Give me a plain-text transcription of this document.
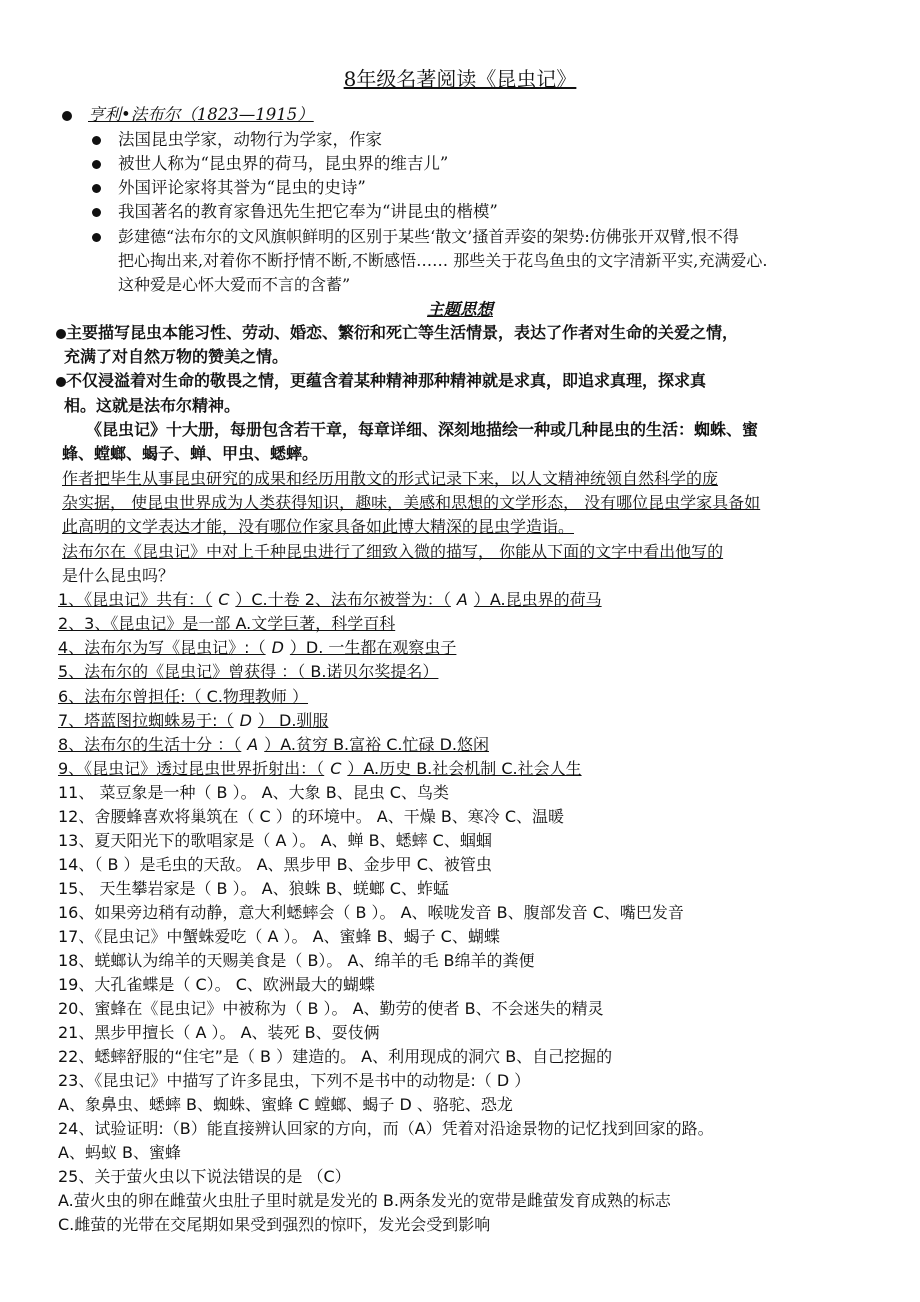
8年级名著阅读《昆虫记》
亨利•法布尔（1823—1915）
法国昆虫学家，动物行为学家，作家
被世人称为“昆虫界的荷马，昆虫界的维吉儿”
外国评论家将其誉为“昆虫的史诗”
我国著名的教育家鲁迅先生把它奉为“讲昆虫的楷模”
彭建德“法布尔的文风旗帜鲜明的区别于某些‘散文’搔首弄姿的架势:仿佛张开双臂,恨不得
把心掏出来,对着你不断抒情不断,不断感悟…… 那些关于花鸟鱼虫的文字清新平实,充满爱心.
这种爱是心怀大爱而不言的含蓄”
主题思想
主要描写昆虫本能习性、劳动、婚恋、繁衍和死亡等生活情景，表达了作者对生命的关爱之情，
充满了对自然万物的赞美之情。
不仅浸溢着对生命的敬畏之情，更蕴含着某种精神那种精神就是求真，即追求真理，探求真
相。这就是法布尔精神。
《昆虫记》十大册，每册包含若干章，每章详细、深刻地描绘一种或几种昆虫的生活：蜘蛛、蜜
蜂、螳螂、蝎子、蝉、甲虫、蟋蟀。
作者把毕生从事昆虫研究的成果和经历用散文的形式记录下来，以人文精神统领自然科学的庞
杂实据， 使昆虫世界成为人类获得知识，趣味，美感和思想的文学形态， 没有哪位昆虫学家具备如
此高明的文学表达才能，没有哪位作家具备如此博大精深的昆虫学造诣。
法布尔在《昆虫记》中对上千种昆虫进行了细致入微的描写， 你能从下面的文字中看出他写的
是什么昆虫吗？
1、《昆虫记》共有：（ C ）C.十卷 2、法布尔被誉为：（ A ）A.昆虫界的荷马
2、3、《昆虫记》是一部 A.文学巨著，科学百科
4、法布尔为写《昆虫记》:（ D ）D. 一生都在观察虫子
5、法布尔的《昆虫记》曾获得 ：（ B.诺贝尔奖提名）
6、法布尔曾担任:（ C.物理教师 ）
7、塔蓝图拉蜘蛛易于:（ D ） D.驯服
8、法布尔的生活十分 ：（ A ）A.贫穷 B.富裕 C.忙碌 D.悠闲
9、《昆虫记》透过昆虫世界折射出：（ C ）A.历史 B.社会机制 C.社会人生
11、 菜豆象是一种（ B ）。 A、大象 B、昆虫 C、鸟类
12、舍腰蜂喜欢将巢筑在（ C ）的环境中。 A、干燥 B、寒冷 C、温暖
13、夏天阳光下的歌唱家是（ A ）。 A、蝉 B、蟋蟀 C、蝈蝈
14、（ B ）是毛虫的天敌。 A、黑步甲 B、金步甲 C、被管虫
15、 天生攀岩家是（ B ）。 A、狼蛛 B、蜣螂 C、蚱蜢
16、如果旁边稍有动静，意大利蟋蟀会（ B ）。 A、喉咙发音 B、腹部发音 C、嘴巴发音
17、《昆虫记》中蟹蛛爱吃（ A ）。 A、蜜蜂 B、蝎子 C、蝴蝶
18、蜣螂认为绵羊的天赐美食是（ B）。 A、绵羊的毛 B绵羊的粪便
19、大孔雀蝶是（ C）。 C、欧洲最大的蝴蝶
20、蜜蜂在《昆虫记》中被称为（ B ）。 A、勤劳的使者 B、不会迷失的精灵
21、黑步甲擅长（ A ）。 A、装死 B、耍伎俩
22、蟋蟀舒服的“住宅”是（ B ）建造的。 A、利用现成的洞穴 B、自己挖掘的
23、《昆虫记》中描写了许多昆虫，下列不是书中的动物是:（ D ）
A、象鼻虫、蟋蟀 B、蜘蛛、蜜蜂 C 螳螂、蝎子 D 、骆驼、恐龙
24、试验证明:（B）能直接辨认回家的方向，而（A）凭着对沿途景物的记忆找到回家的路。
A、蚂蚁 B、蜜蜂
25、关于萤火虫以下说法错误的是 （C）
A.萤火虫的卵在雌萤火虫肚子里时就是发光的 B.两条发光的宽带是雌萤发育成熟的标志
C.雌萤的光带在交尾期如果受到强烈的惊吓，发光会受到影响
